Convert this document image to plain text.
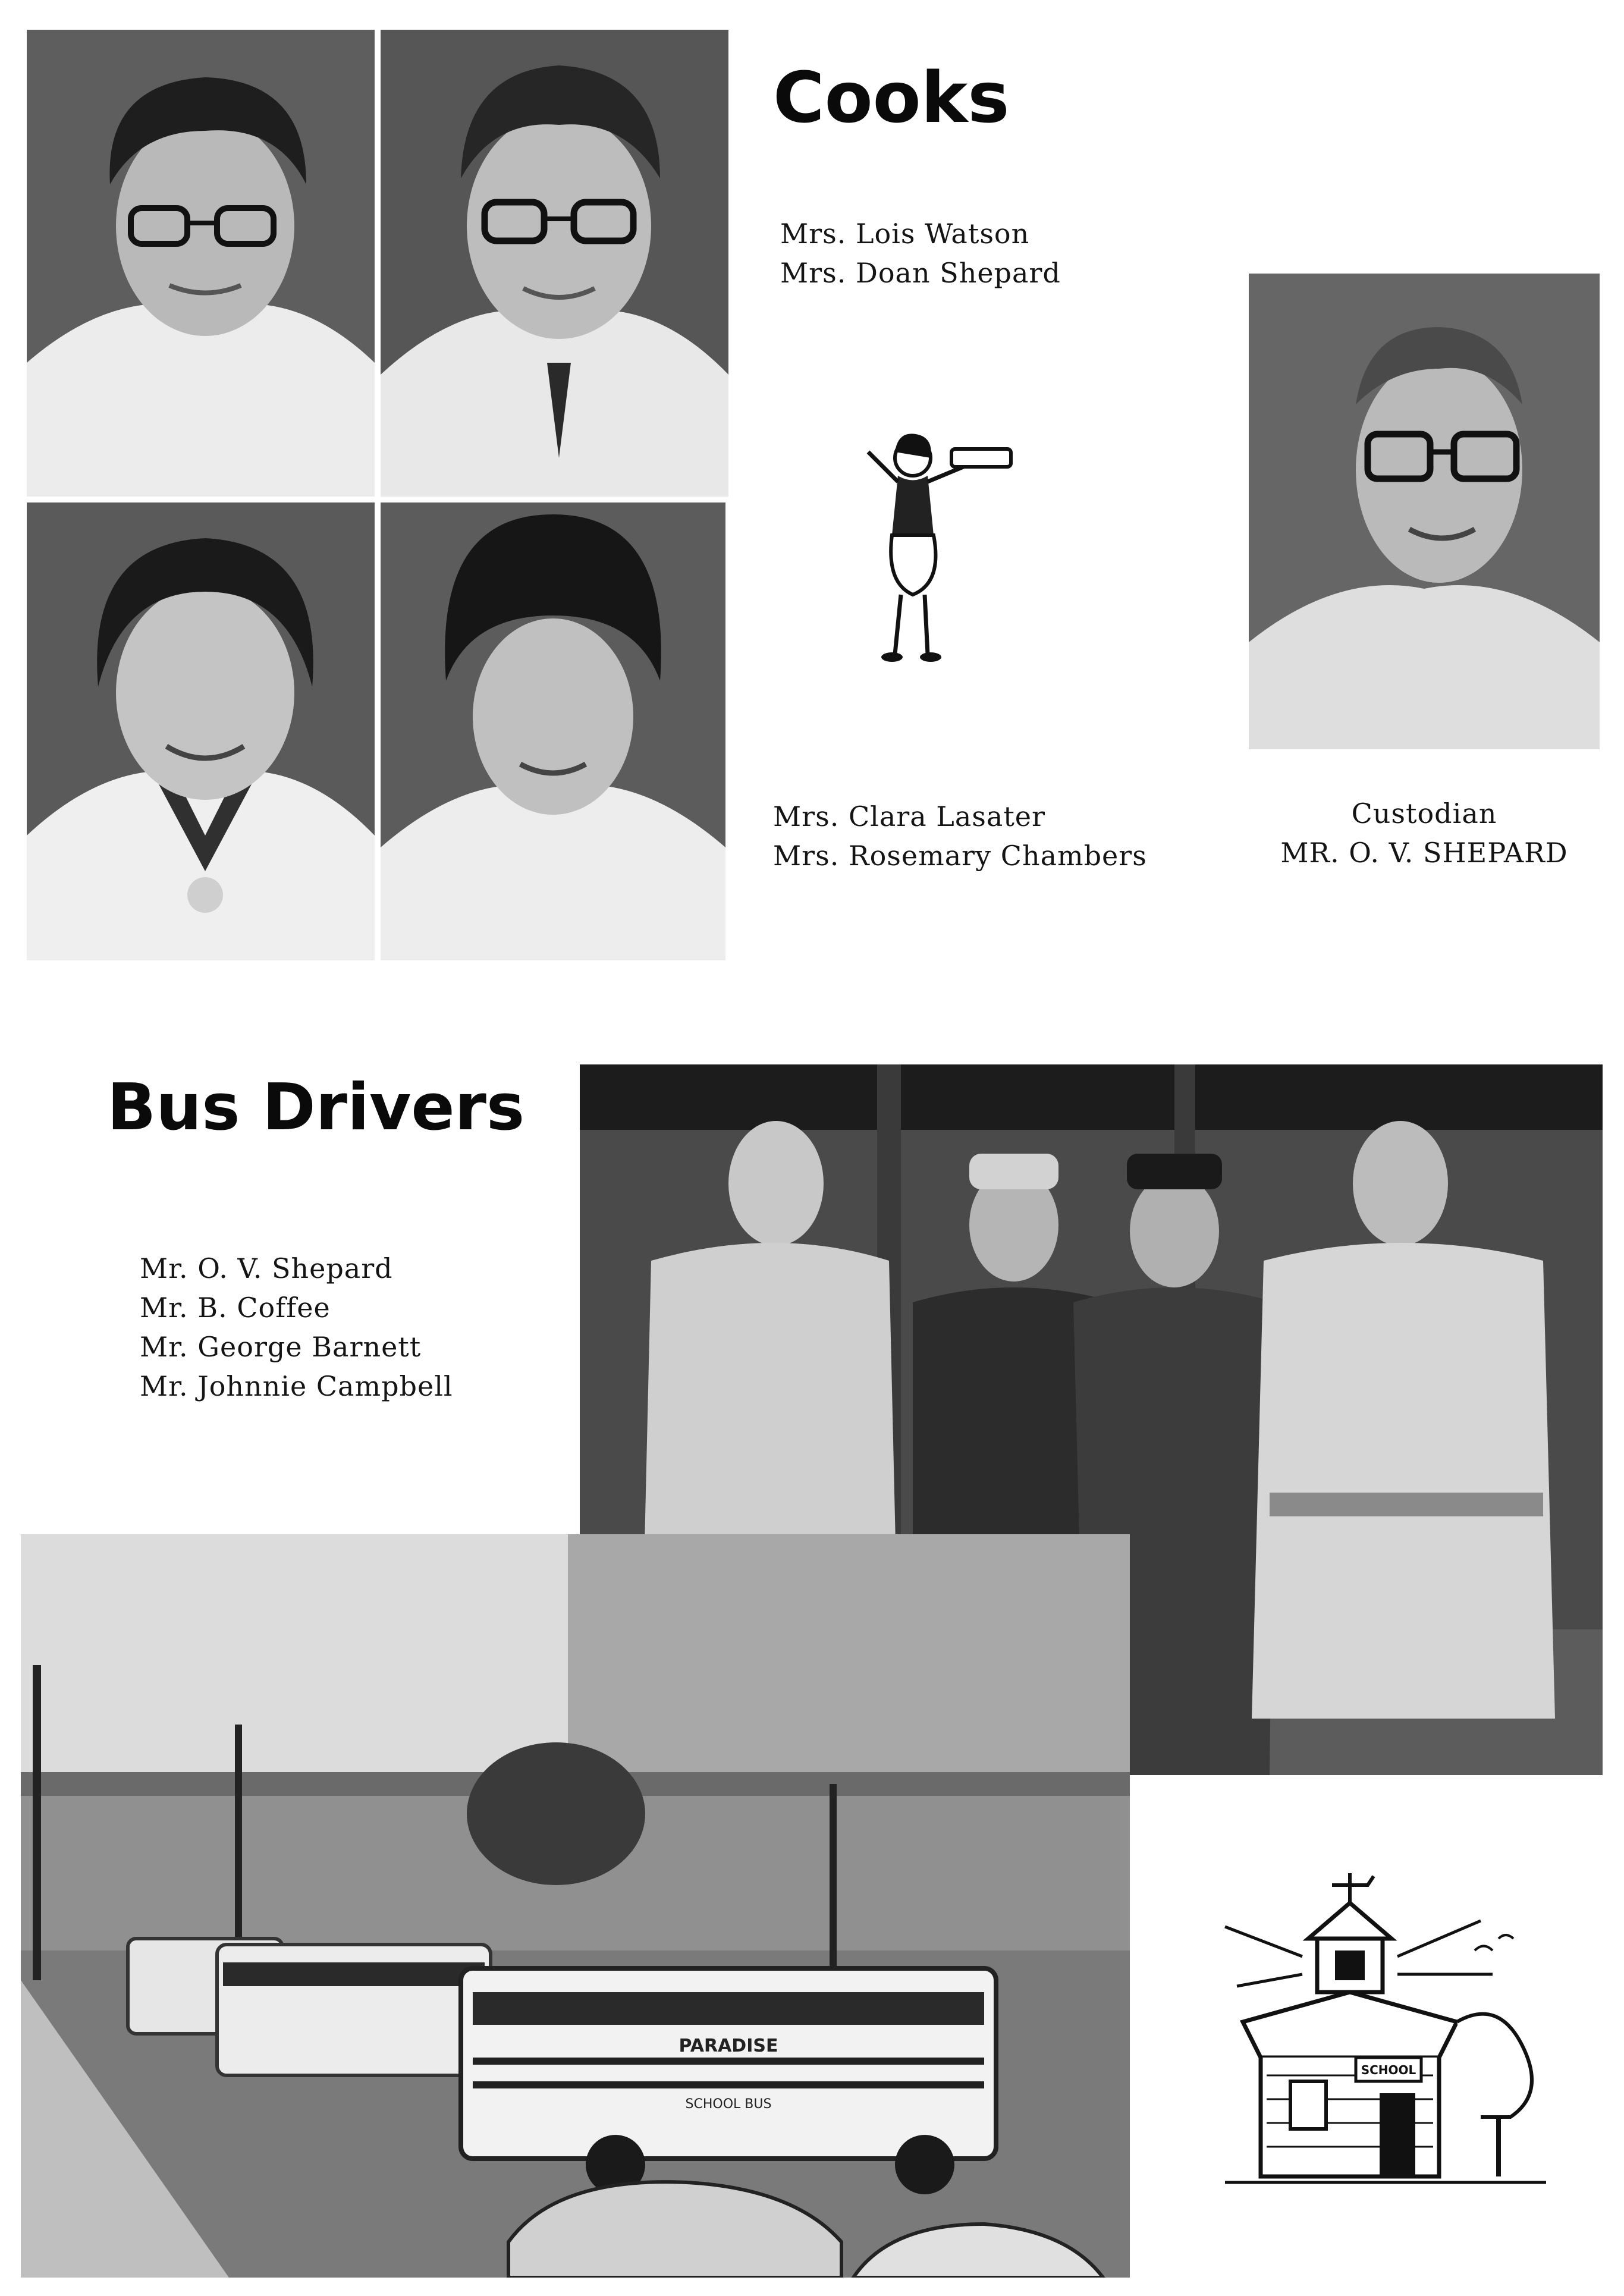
Cooks
Mrs. Lois Watson
Mrs. Doan Shepard
Mrs. Clara Lasater
Mrs. Rosemary Chambers
Custodian
MR. O. V. SHEPARD
Bus Drivers
Mr. O. V. Shepard
Mr. B. Coffee
Mr. George Barnett
Mr. Johnnie Campbell
PARADISE
SCHOOL BUS
SCHOOL
